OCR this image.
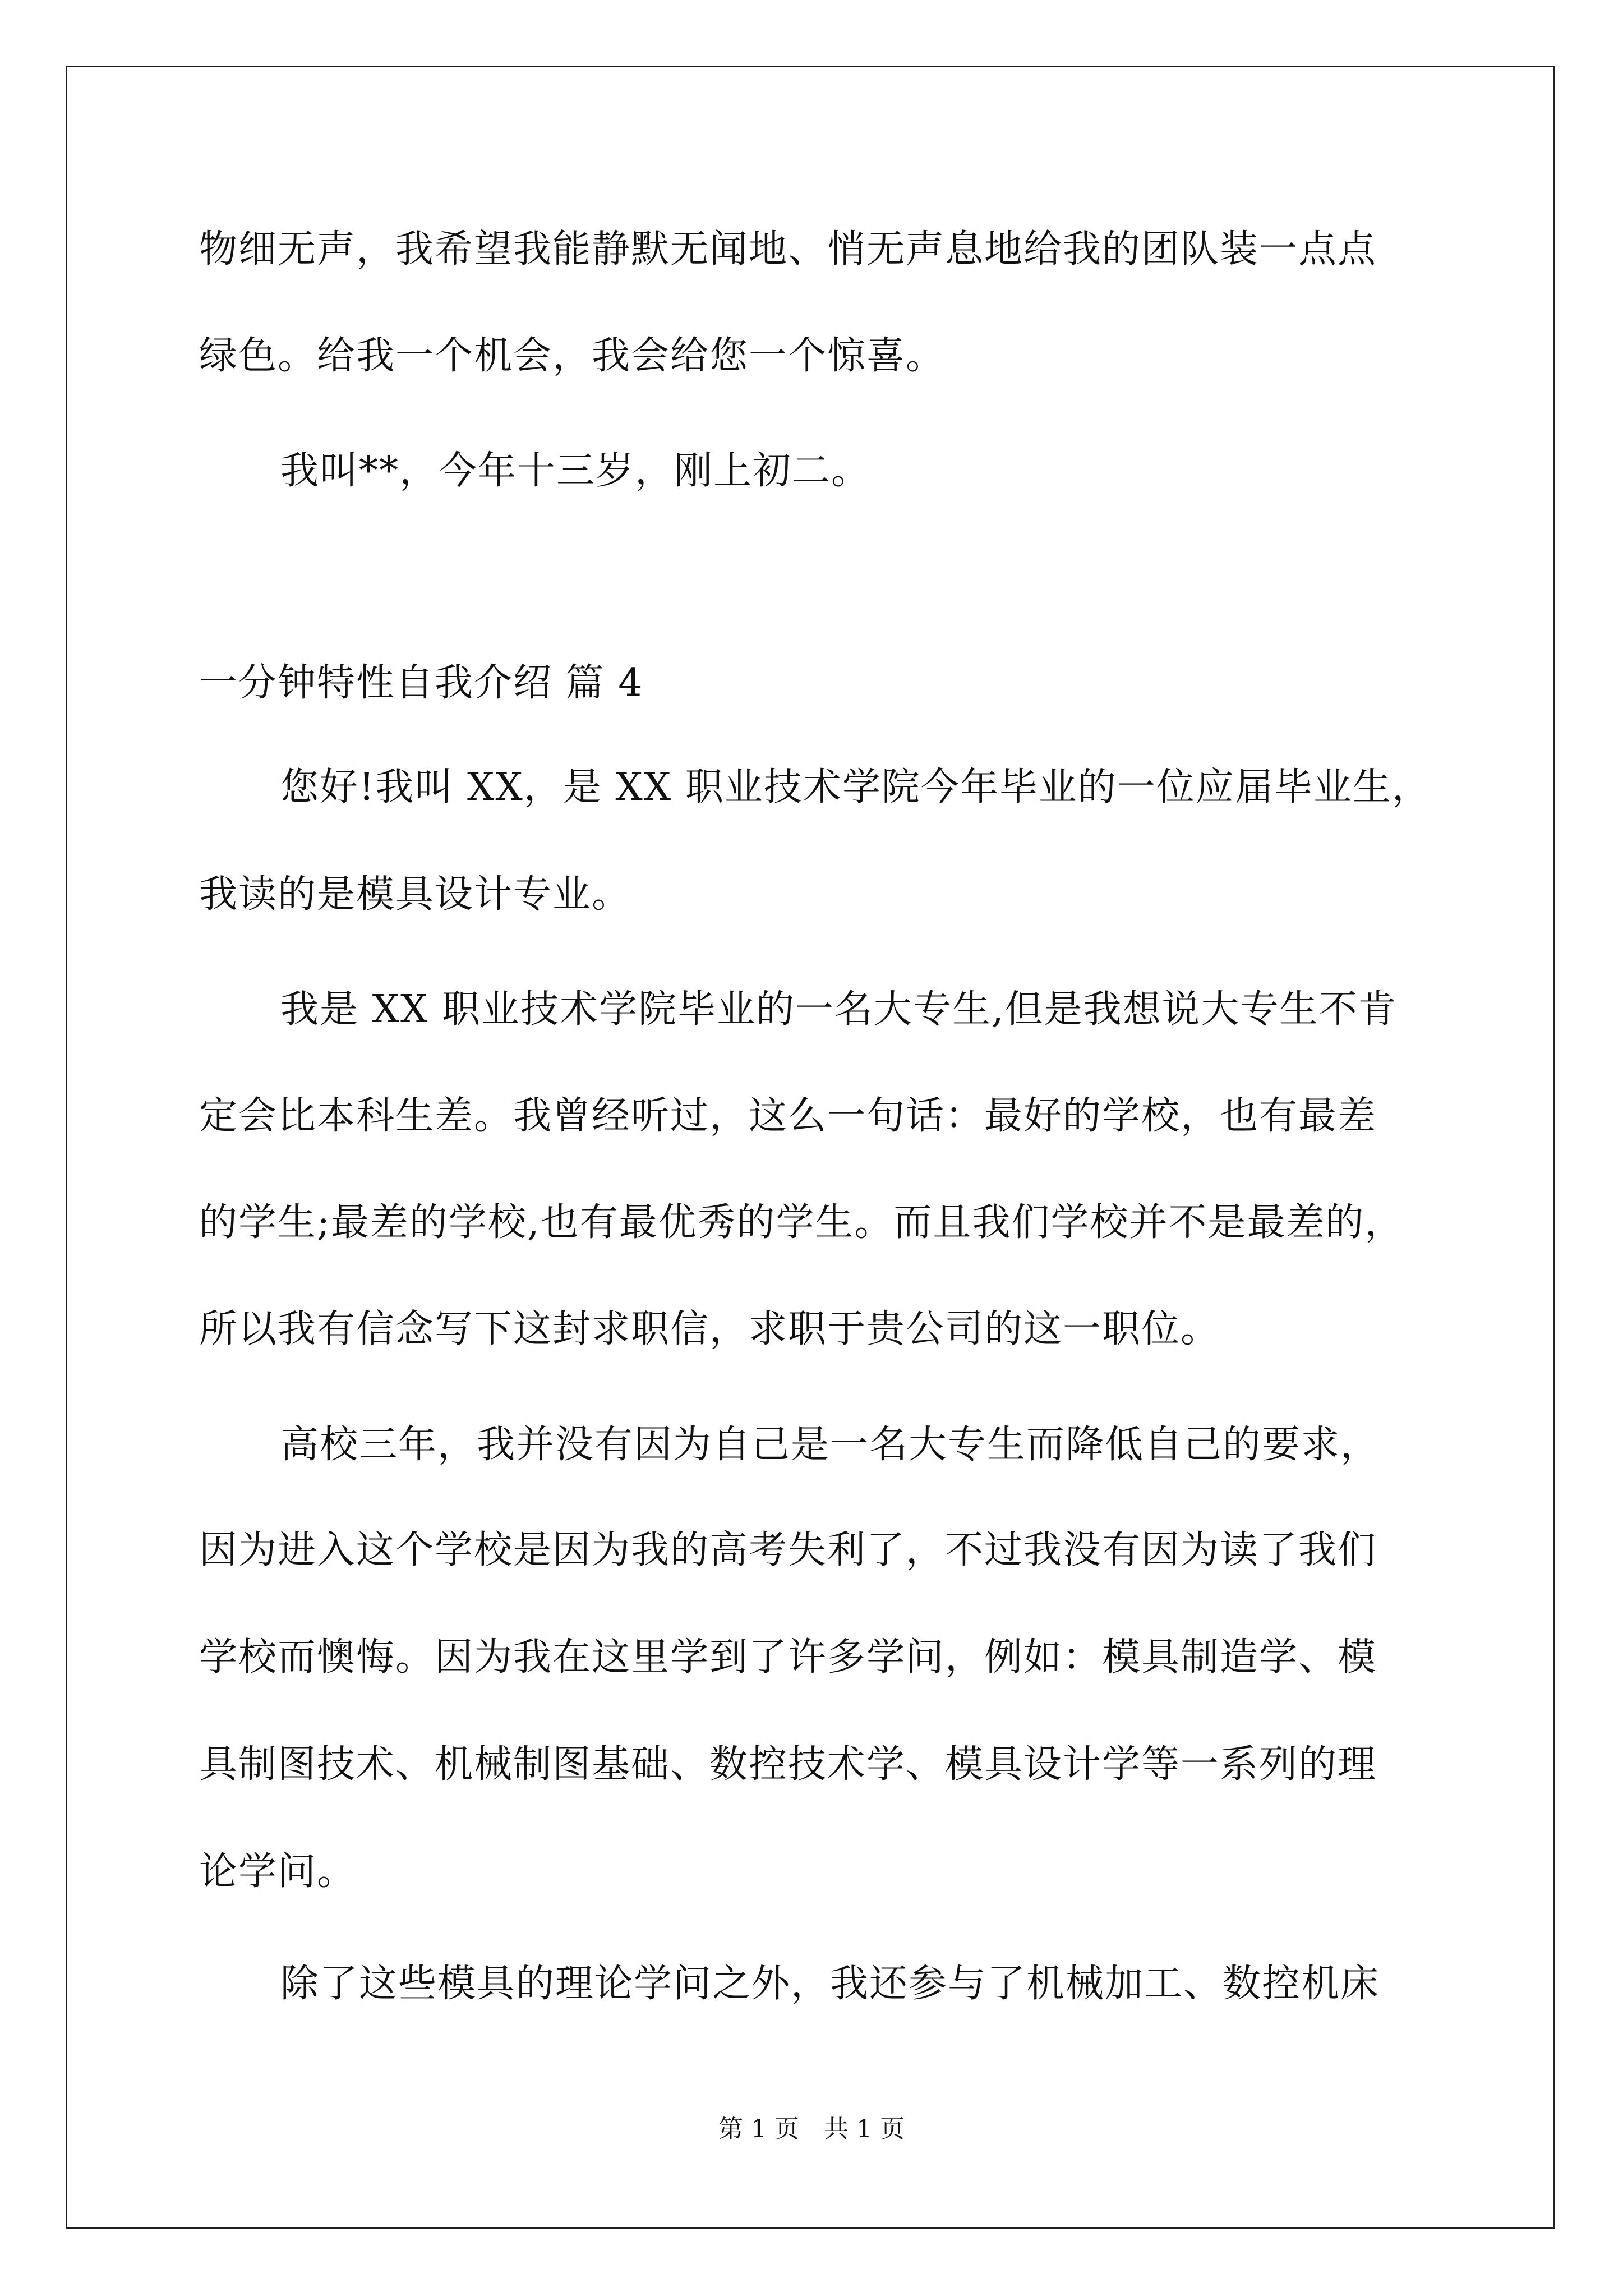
物细无声，我希望我能静默无闻地、悄无声息地给我的团队装一点点
绿色。给我一个机会，我会给您一个惊喜。
我叫**，今年十三岁，刚上初二。
一分钟特性自我介绍 篇 4
您好!我叫 XX，是 XX 职业技术学院今年毕业的一位应届毕业生，
我读的是模具设计专业。
我是 XX 职业技术学院毕业的一名大专生,但是我想说大专生不肯
定会比本科生差。我曾经听过，这么一句话：最好的学校，也有最差
的学生;最差的学校,也有最优秀的学生。而且我们学校并不是最差的，
所以我有信念写下这封求职信，求职于贵公司的这一职位。
高校三年，我并没有因为自己是一名大专生而降低自己的要求，
因为进入这个学校是因为我的高考失利了，不过我没有因为读了我们
学校而懊悔。因为我在这里学到了许多学问，例如：模具制造学、模
具制图技术、机械制图基础、数控技术学、模具设计学等一系列的理
论学问。
除了这些模具的理论学问之外，我还参与了机械加工、数控机床
第 1 页　共 1 页
